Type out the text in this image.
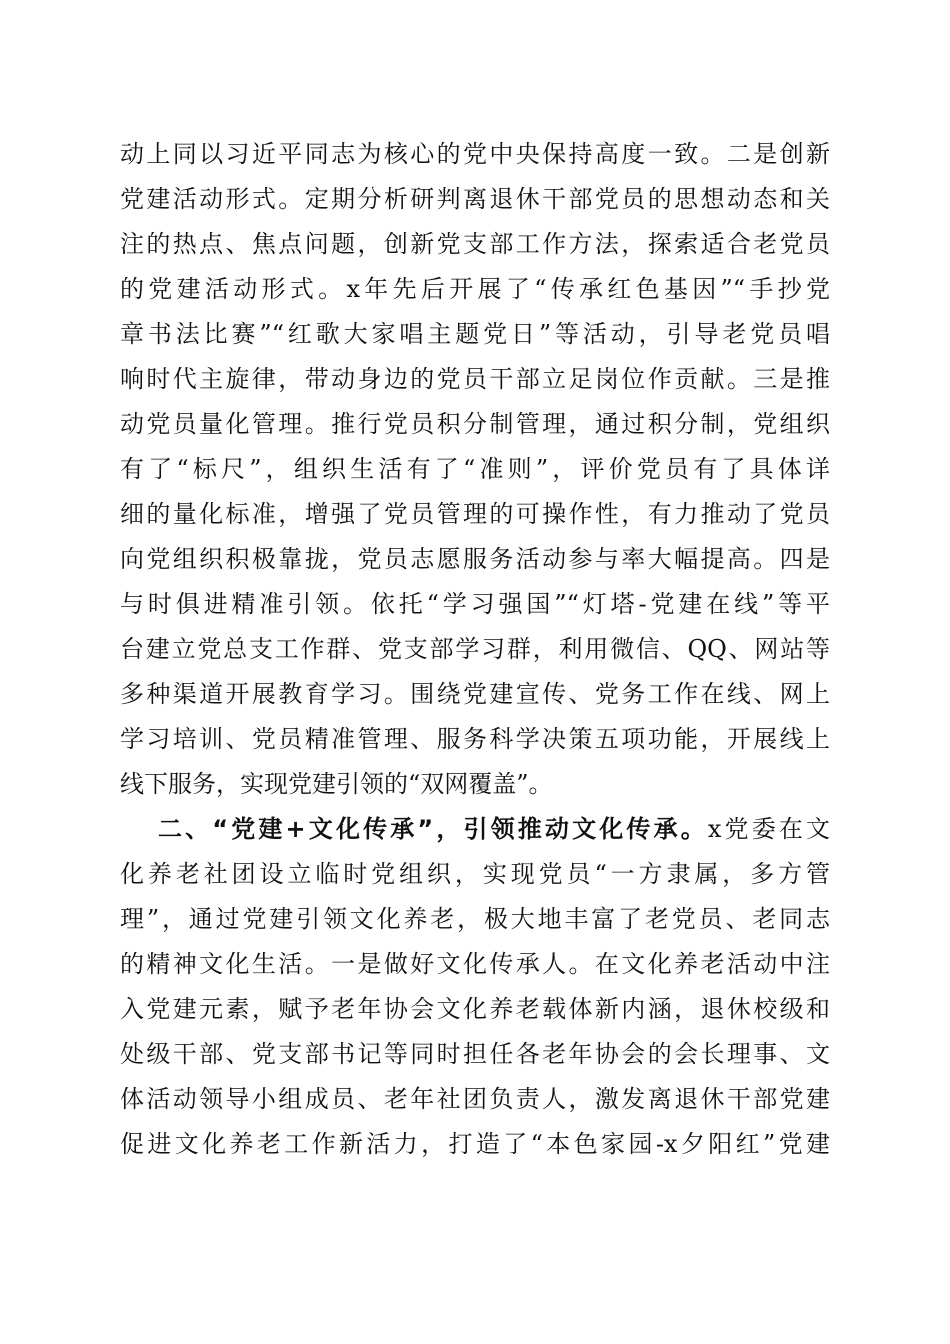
动上同以习近平同志为核心的党中央保持高度一致。二是创新
党建活动形式。定期分析研判离退休干部党员的思想动态和关
注的热点、焦点问题，创新党支部工作方法，探索适合老党员
的党建活动形式。x年先后开展了“传承红色基因”“手抄党
章书法比赛”“红歌大家唱主题党日”等活动，引导老党员唱
响时代主旋律，带动身边的党员干部立足岗位作贡献。三是推
动党员量化管理。推行党员积分制管理，通过积分制，党组织
有了“标尺”，组织生活有了“准则”，评价党员有了具体详
细的量化标准，增强了党员管理的可操作性，有力推动了党员
向党组织积极靠拢，党员志愿服务活动参与率大幅提高。四是
与时俱进精准引领。依托“学习强国”“灯塔-党建在线”等平
台建立党总支工作群、党支部学习群，利用微信、QQ、网站等
多种渠道开展教育学习。围绕党建宣传、党务工作在线、网上
学习培训、党员精准管理、服务科学决策五项功能，开展线上
线下服务，实现党建引领的“双网覆盖”。
二、“党建+文化传承”，引领推动文化传承。x党委在文
化养老社团设立临时党组织，实现党员“一方隶属，多方管
理”，通过党建引领文化养老，极大地丰富了老党员、老同志
的精神文化生活。一是做好文化传承人。在文化养老活动中注
入党建元素，赋予老年协会文化养老载体新内涵，退休校级和
处级干部、党支部书记等同时担任各老年协会的会长理事、文
体活动领导小组成员、老年社团负责人，激发离退休干部党建
促进文化养老工作新活力，打造了“本色家园-x夕阳红”党建
